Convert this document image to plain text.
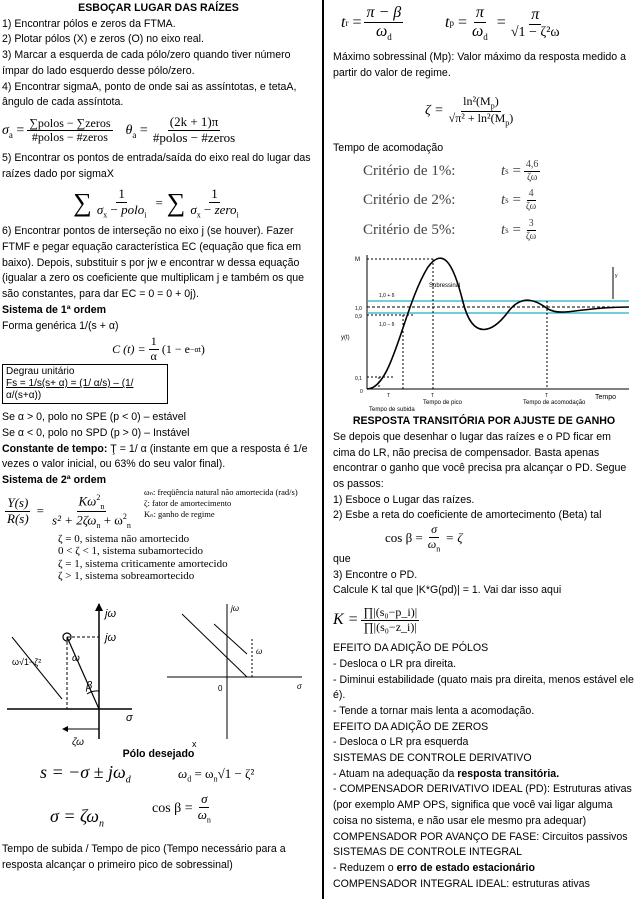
ESBOÇAR LUGAR DAS RAÍZES

1) Encontrar pólos e zeros da FTMA.

2) Plotar pólos (X) e zeros (O) no eixo real.

3) Marcar a esquerda de cada pólo/zero quando tiver número ímpar do lado esquerdo desse pólo/zero.

4) Encontrar sigmaA, ponto de onde sai as assíntotas, e tetaA, ângulo de cada assíntota.

$\sigma_a = \frac{\text{∑polos − ∑zeros}}{\text{\#polos − \#zeros}} \theta_a = \frac{(2k + 1)\pi}{\text{\#polos − \#zeros}}$

5) Encontrar os pontos de entrada/saída do eixo real do lugar das raízes dado por sigmaX

∑ $\frac{1}{\sigma_x - polo_i}$ = ∑ $\frac{1}{\sigma_x - zero_i}$

6) Encontrar pontos de interseção no eixo j (se houver). Fazer FTMF e pegar equação característica EC (equação que fica em baixo). Depois, substituir s por jw e encontrar w dessa equação (igualar a zero os coeficiente que multiplicam j e também os que são constantes, para dar EC = 0 = 0 + 0j).

Sistema de 1ª ordem

Forma genérica 1/(s + α)

C $(t) = \frac{1}{\alpha} (1 - e -\alpha t$ )
Degrau unitário
Fs = 1/s(s+ α) = (1/ α/s) – (1/
α/(s+α))

Se α > 0, polo no SPE (p < 0) – estável

Se α < 0, polo no SPD (p > 0) – Instável

Constante de tempo: Ţ = 1/ α (instante em que a resposta é 1/e vezes o valor inicial, ou 63% do seu valor final).

Sistema de 2ª ordem

$\frac{Y(s)}{R(s)} = \frac{K\omega^2_n}{s^2 + 2\zeta\omega_n + \omega^2_n}$
ωₙ: freqüência natural não amortecida (rad/s)
ζ: fator de amortecimento
Kₙ: ganho de regime
ζ = 0, sistema não amortecido
0 < ζ < 1, sistema subamortecido
ζ = 1, sistema criticamente amortecido
ζ > 1, sistema sobreamortecido
jω
jω
ω
β
ω√1−ζ²
σ
ζω
jω
σ
0
ω
x

Pólo desejado

$s = -\sigma \pm j\omega_d$	$\omega_d = \omega_n√1 - \zeta^2$
$\sigma = \zeta\omega_n$
$\cos \beta = \frac{\sigma}{\omega_n}$

Tempo de subida / Tempo de pico (Tempo necessário para a resposta alcançar o primeiro pico de sobressinal)

t $r = \frac{\pi - \beta}{\omega_d}$	t $p = \frac{\pi}{\omega_d} = \frac{\pi}{\text{√1 − ζ²ω}}$

Máximo sobressinal (Mp): Valor máximo da resposta medido a partir do valor de regime.

$\zeta = \frac{\ln^2(M_p)}{√\pi^2 + \ln^2(M_p)}$

Tempo de acomodação

Critério de 1%:	t $s = \frac{4,6}{\zeta\omega}$
Critério de 2%:	t $s = \frac{4}{\zeta\omega}$
Critério de 5%:	t $s = \frac{3}{\zeta\omega}$
M
Sobressinal
1,0 + δ
1,0 − δ
1,0
0,9
0,1
0
y(t)
y
T	T
T
Tempo de pico	Tempo de acomodação
Tempo de subida
Tempo

RESPOSTA TRANSITÓRIA POR AJUSTE DE GANHO

Se depois que desenhar o lugar das raízes e o PD ficar em cima do LR, não precisa de compensador. Basta apenas encontrar o ganho que você precisa pra alcançar o PD. Segue os passos:

1) Esboce o Lugar das raízes.

2) Esbe a reta do coeficiente de amortecimento (Beta) tal

$\cos \beta = \frac{\sigma}{\omega_n} = \zeta$

que

3) Encontre o PD.

Calcule K tal que |K*G(pd)| = 1. Vai dar isso aqui

$K = \frac{\text{∏|(s₀−p\_i)|}}{\text{∏|(s₀−z\_i)|}}$

EFEITO DA ADIÇÃO DE PÓLOS

- Desloca o LR pra direita.

- Diminui estabilidade (quato mais pra direita, menos estável ele é).

- Tende a tornar mais lenta a acomodação.

EFEITO DA ADIÇÃO DE ZEROS

- Desloca o LR pra esquerda

SISTEMAS DE CONTROLE DERIVATIVO

- Atuam na adequação da resposta transitória.

- COMPENSADOR DERIVATIVO IDEAL (PD): Estruturas ativas (por exemplo AMP OPS, significa que você vai ligar alguma coisa no sistema, e não usar ele mesmo pra adequar)

COMPENSADOR POR AVANÇO DE FASE: Circuitos passivos

SISTEMAS DE CONTROLE INTEGRAL

- Reduzem o erro de estado estacionário

COMPENSADOR INTEGRAL IDEAL: estruturas ativas
